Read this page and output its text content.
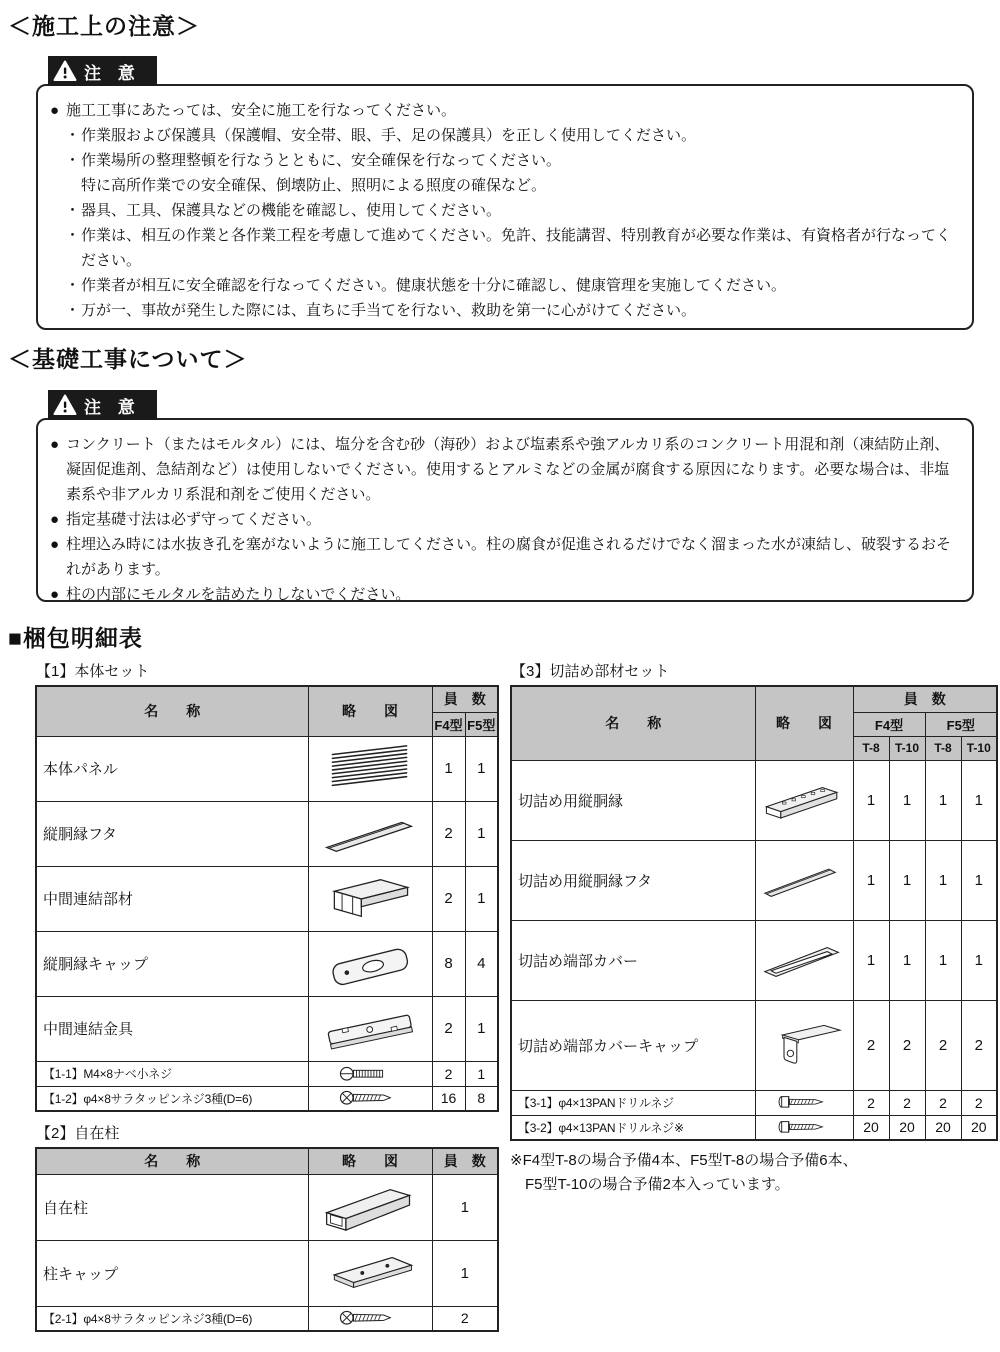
＜施工上の注意＞
注 意
● 施工工事にあたっては、安全に施工を行なってください。
・ 作業服および保護具（保護帽、安全帯、眼、手、足の保護具）を正しく使用してください。
・ 作業場所の整理整頓を行なうとともに、安全確保を行なってください。
特に高所作業での安全確保、倒壊防止、照明による照度の確保など。
・ 器具、工具、保護具などの機能を確認し、使用してください。
・ 作業は、相互の作業と各作業工程を考慮して進めてください。免許、技能講習、特別教育が必要な作業は、有資格者が行なってください。
・ 作業者が相互に安全確認を行なってください。健康状態を十分に確認し、健康管理を実施してください。
・ 万が一、事故が発生した際には、直ちに手当てを行ない、救助を第一に心がけてください。
＜基礎工事について＞
注 意
● コンクリート（またはモルタル）には、塩分を含む砂（海砂）および塩素系や強アルカリ系のコンクリート用混和剤（凍結防止剤、凝固促進剤、急結剤など）は使用しないでください。使用するとアルミなどの金属が腐食する原因になります。必要な場合は、非塩素系や非アルカリ系混和剤をご使用ください。
● 指定基礎寸法は必ず守ってください。
● 柱埋込み時には水抜き孔を塞がないように施工してください。柱の腐食が促進されるだけでなく溜まった水が凍結し、破裂するおそれがあります。
● 柱の内部にモルタルを詰めたりしないでください。
■梱包明細表
【1】本体セット
名　　称	略　　図	員　数	
		F4型	F5型
本体パネル		1	1
縦胴縁フタ		2	1
中間連結部材		2	1
縦胴縁キャップ		8	4
中間連結金具		2	1
【1-1】M4×8ナベ小ネジ		2	1
【1-2】φ4×8サラタッピンネジ3種(D=6)		16	8
【2】自在柱
名　　称	略　　図	員　数
自在柱		1
柱キャップ		1
【2-1】φ4×8サラタッピンネジ3種(D=6)		2
【3】切詰め部材セット
名　　称	略　　図	員　数			
		F4型		F5型	
		T-8	T-10	T-8	T-10
切詰め用縦胴縁		1	1	1	1
切詰め用縦胴縁フタ		1	1	1	1
切詰め端部カバー		1	1	1	1
切詰め端部カバーキャップ		2	2	2	2
【3-1】φ4×13PANドリルネジ		2	2	2	2
【3-2】φ4×13PANドリルネジ※		20	20	20	20
※F4型T-8の場合予備4本、F5型T-8の場合予備6本、
　F5型T-10の場合予備2本入っています。
